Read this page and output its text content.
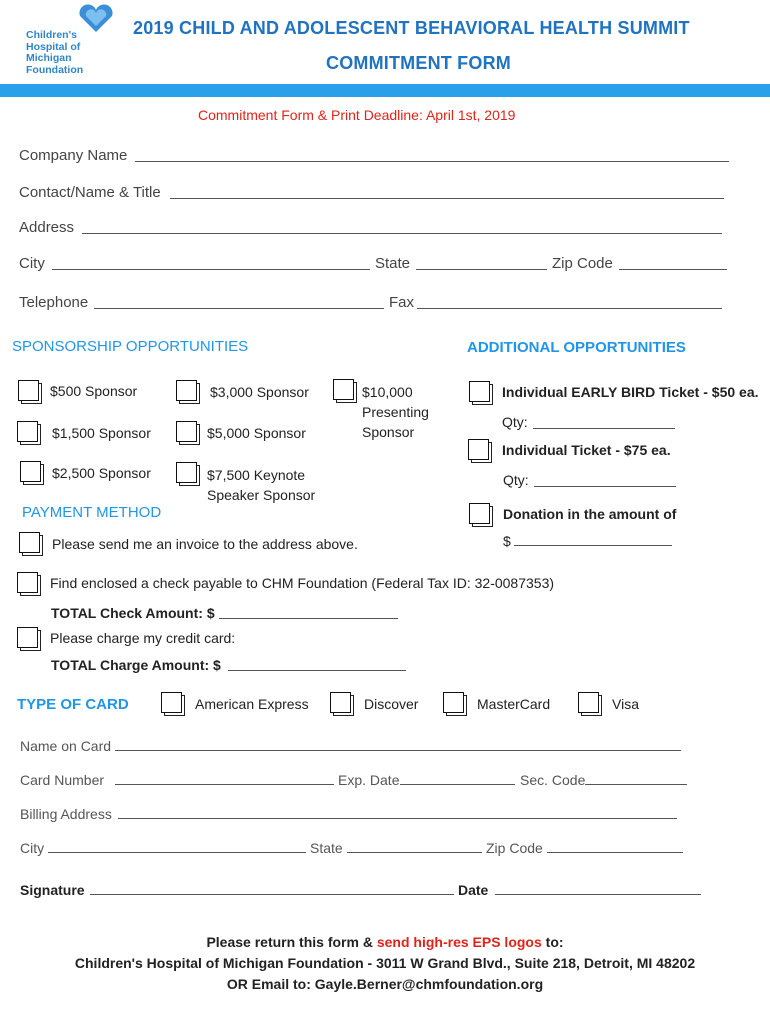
Children's
Hospital of
Michigan
Foundation
2019 CHILD AND ADOLESCENT BEHAVIORAL HEALTH SUMMIT
COMMITMENT FORM
Commitment Form & Print Deadline: April 1st, 2019
Company Name
Contact/Name & Title
Address
City	State	Zip Code
Telephone	Fax
SPONSORSHIP OPPORTUNITIES	ADDITIONAL OPPORTUNITIES
$500 Sponsor	$3,000 Sponsor	$10,000
Presenting
Sponsor
$1,500 Sponsor	$5,000 Sponsor
$2,500 Sponsor	$7,500 Keynote
Speaker Sponsor
Individual EARLY BIRD Ticket - $50 ea.
Qty:
Individual Ticket - $75 ea.
Qty:
Donation in the amount of
$
PAYMENT METHOD
Please send me an invoice to the address above.
Find enclosed a check payable to CHM Foundation (Federal Tax ID: 32-0087353)
TOTAL Check Amount: $
Please charge my credit card:
TOTAL Charge Amount: $
TYPE OF CARD	American Express	Discover	MasterCard	Visa
Name on Card
Card Number	Exp. Date	Sec. Code
Billing Address
City	State	Zip Code
Signature	Date
Please return this form & send high-res EPS logos to:
Children's Hospital of Michigan Foundation - 3011 W Grand Blvd., Suite 218, Detroit, MI 48202
OR Email to: Gayle.Berner@chmfoundation.org
